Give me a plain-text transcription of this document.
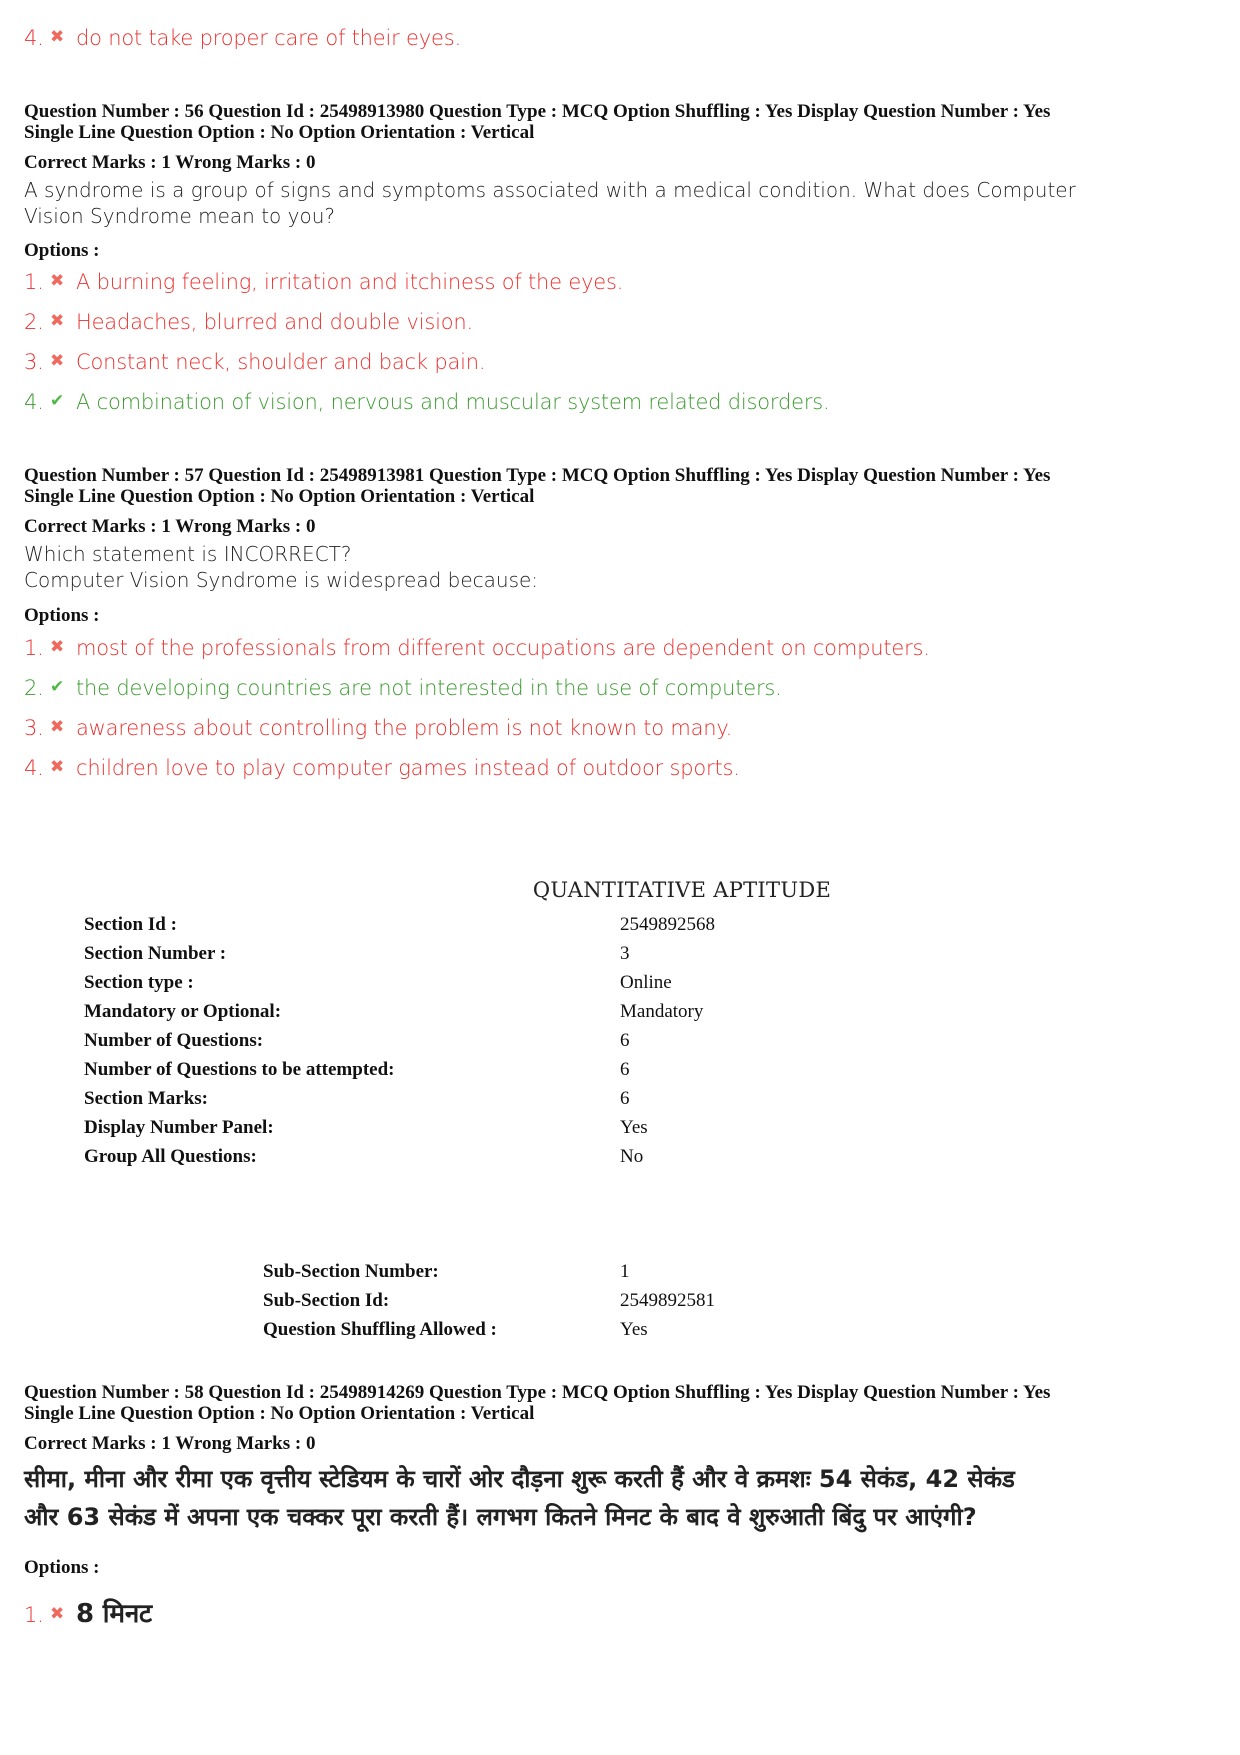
4. ✖ do not take proper care of their eyes.
Question Number : 56 Question Id : 25498913980 Question Type : MCQ Option Shuffling : Yes Display Question Number : Yes
Single Line Question Option : No Option Orientation : Vertical
Correct Marks : 1 Wrong Marks : 0
A syndrome is a group of signs and symptoms associated with a medical condition. What does Computer
Vision Syndrome mean to you?
Options :
1. ✖ A burning feeling, irritation and itchiness of the eyes.
2. ✖ Headaches, blurred and double vision.
3. ✖ Constant neck, shoulder and back pain.
4. ✔ A combination of vision, nervous and muscular system related disorders.
Question Number : 57 Question Id : 25498913981 Question Type : MCQ Option Shuffling : Yes Display Question Number : Yes
Single Line Question Option : No Option Orientation : Vertical
Correct Marks : 1 Wrong Marks : 0
Which statement is INCORRECT?
Computer Vision Syndrome is widespread because:
Options :
1. ✖ most of the professionals from different occupations are dependent on computers.
2. ✔ the developing countries are not interested in the use of computers.
3. ✖ awareness about controlling the problem is not known to many.
4. ✖ children love to play computer games instead of outdoor sports.
QUANTITATIVE APTITUDE
Section Id :	2549892568
Section Number :	3
Section type :	Online
Mandatory or Optional:	Mandatory
Number of Questions:	6
Number of Questions to be attempted:	6
Section Marks:	6
Display Number Panel:	Yes
Group All Questions:	No
Sub-Section Number:	1
Sub-Section Id:	2549892581
Question Shuffling Allowed :	Yes
Question Number : 58 Question Id : 25498914269 Question Type : MCQ Option Shuffling : Yes Display Question Number : Yes
Single Line Question Option : No Option Orientation : Vertical
Correct Marks : 1 Wrong Marks : 0
सीमा, मीना और रीमा एक वृत्तीय स्टेडियम के चारों ओर दौड़ना शुरू करती हैं और वे क्रमशः 54 सेकंड, 42 सेकंड
और 63 सेकंड में अपना एक चक्कर पूरा करती हैं। लगभग कितने मिनट के बाद वे शुरुआती बिंदु पर आएंगी?
Options :
1. ✖ 8 मिनट
